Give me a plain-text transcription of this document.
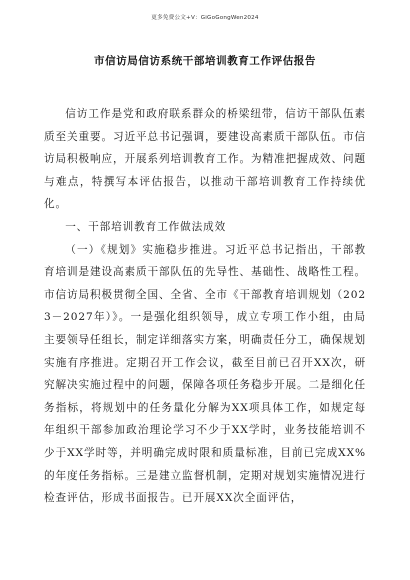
更多免费公文+V：GiGoGongWen2024
市信访局信访系统干部培训教育工作评估报告

信访工作是党和政府联系群众的桥梁纽带，信访干部队伍素质至关重要。习近平总书记强调，要建设高素质干部队伍。市信访局积极响应，开展系列培训教育工作。为精准把握成效、问题与难点，特撰写本评估报告，以推动干部培训教育工作持续优化。

一、干部培训教育工作做法成效

（一）《规划》实施稳步推进。习近平总书记指出，干部教育培训是建设高素质干部队伍的先导性、基础性、战略性工程。市信访局积极贯彻全国、全省、全市《干部教育培训规划（2023－2027年）》。一是强化组织领导，成立专项工作小组，由局主要领导任组长，制定详细落实方案，明确责任分工，确保规划实施有序推进。定期召开工作会议，截至目前已召开XX次，研究解决实施过程中的问题，保障各项任务稳步开展。二是细化任务指标，将规划中的任务量化分解为XX项具体工作，如规定每年组织干部参加政治理论学习不少于XX学时，业务技能培训不少于XX学时等，并明确完成时限和质量标准，目前已完成XX%的年度任务指标。三是建立监督机制，定期对规划实施情况进行检查评估，形成书面报告。已开展XX次全面评估，
